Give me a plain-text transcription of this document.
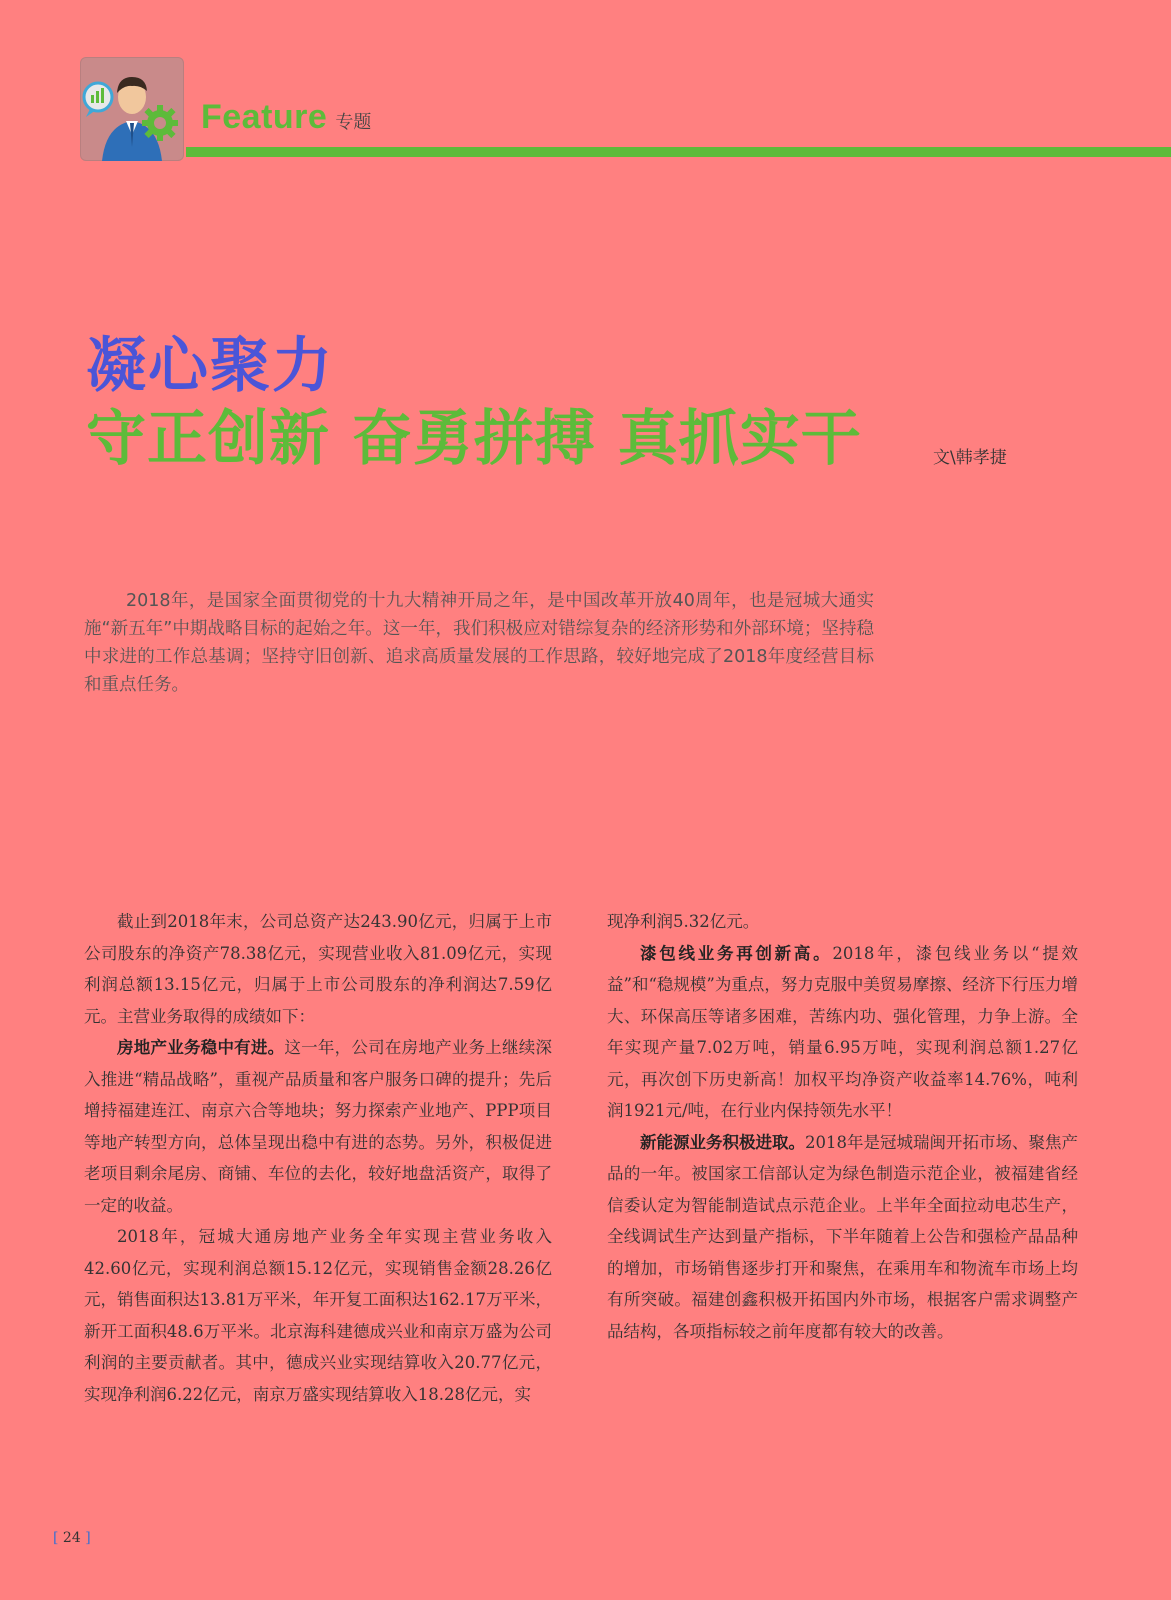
Feature 专题
凝心聚力
守正创新 奋勇拼搏 真抓实干	文\韩孝捷

2018年，是国家全面贯彻党的十九大精神开局之年，是中国改革开放40周年，也是冠城大通实施“新五年”中期战略目标的起始之年。这一年，我们积极应对错综复杂的经济形势和外部环境；坚持稳中求进的工作总基调；坚持守旧创新、追求高质量发展的工作思路，较好地完成了2018年度经营目标和重点任务。

截止到2018年末，公司总资产达243.90亿元，归属于上市公司股东的净资产78.38亿元，实现营业收入81.09亿元，实现利润总额13.15亿元，归属于上市公司股东的净利润达7.59亿元。主营业务取得的成绩如下：

房地产业务稳中有进。这一年，公司在房地产业务上继续深入推进“精品战略”，重视产品质量和客户服务口碑的提升；先后增持福建连江、南京六合等地块；努力探索产业地产、PPP项目等地产转型方向，总体呈现出稳中有进的态势。另外，积极促进老项目剩余尾房、商铺、车位的去化，较好地盘活资产，取得了一定的收益。

2018年，冠城大通房地产业务全年实现主营业务收入42.60亿元，实现利润总额15.12亿元，实现销售金额28.26亿元，销售面积达13.81万平米，年开复工面积达162.17万平米，新开工面积48.6万平米。北京海科建德成兴业和南京万盛为公司利润的主要贡献者。其中，德成兴业实现结算收入20.77亿元，实现净利润6.22亿元，南京万盛实现结算收入18.28亿元，实

现净利润5.32亿元。

漆包线业务再创新高。2018年，漆包线业务以“提效益”和“稳规模”为重点，努力克服中美贸易摩擦、经济下行压力增大、环保高压等诸多困难，苦练内功、强化管理，力争上游。全年实现产量7.02万吨，销量6.95万吨，实现利润总额1.27亿元，再次创下历史新高！加权平均净资产收益率14.76%，吨利润1921元/吨，在行业内保持领先水平！

新能源业务积极进取。2018年是冠城瑞闽开拓市场、聚焦产品的一年。被国家工信部认定为绿色制造示范企业，被福建省经信委认定为智能制造试点示范企业。上半年全面拉动电芯生产，全线调试生产达到量产指标，下半年随着上公告和强检产品品种的增加，市场销售逐步打开和聚焦，在乘用车和物流车市场上均有所突破。福建创鑫积极开拓国内外市场，根据客户需求调整产品结构，各项指标较之前年度都有较大的改善。

[ 24 ]
